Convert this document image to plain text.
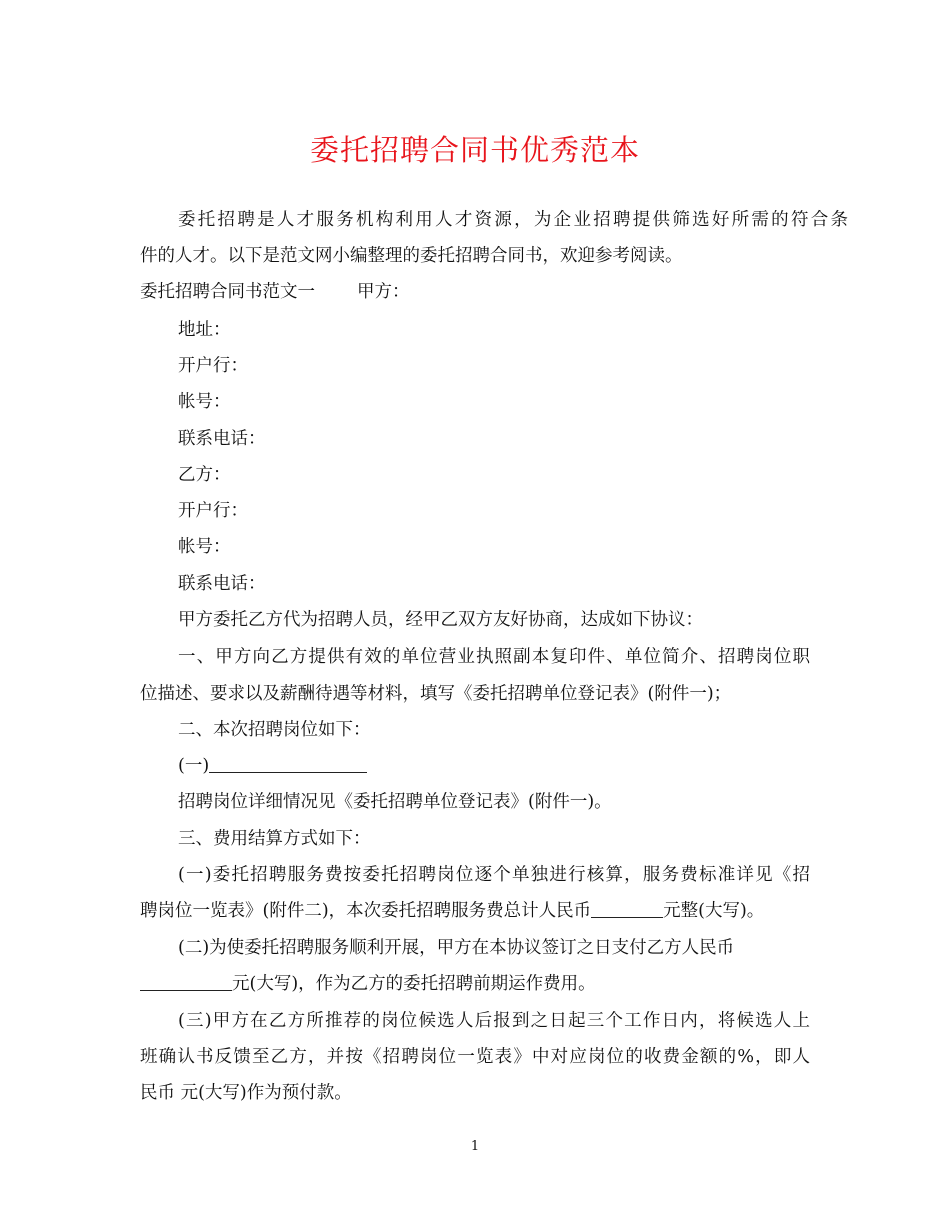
委托招聘合同书优秀范本
委托招聘是人才服务机构利用人才资源，为企业招聘提供筛选好所需的符合条
件的人才。以下是范文网小编整理的委托招聘合同书，欢迎参考阅读。
委托招聘合同书范文一 甲方：
地址：
开户行：
帐号：
联系电话：
乙方：
开户行：
帐号：
联系电话：
甲方委托乙方代为招聘人员，经甲乙双方友好协商，达成如下协议：
一、甲方向乙方提供有效的单位营业执照副本复印件、单位简介、招聘岗位职
位描述、要求以及薪酬待遇等材料，填写《委托招聘单位登记表》(附件一)；
二、本次招聘岗位如下：
(一)
招聘岗位详细情况见《委托招聘单位登记表》(附件一)。
三、费用结算方式如下：
(一)委托招聘服务费按委托招聘岗位逐个单独进行核算，服务费标准详见《招
聘岗位一览表》(附件二)，本次委托招聘服务费总计人民币	元整(大写)。
(二)为使委托招聘服务顺利开展，甲方在本协议签订之日支付乙方人民币
元(大写)，作为乙方的委托招聘前期运作费用。
(三)甲方在乙方所推荐的岗位候选人后报到之日起三个工作日内，将候选人上
班确认书反馈至乙方，并按《招聘岗位一览表》中对应岗位的收费金额的%，即人
民币 元(大写)作为预付款。
1
